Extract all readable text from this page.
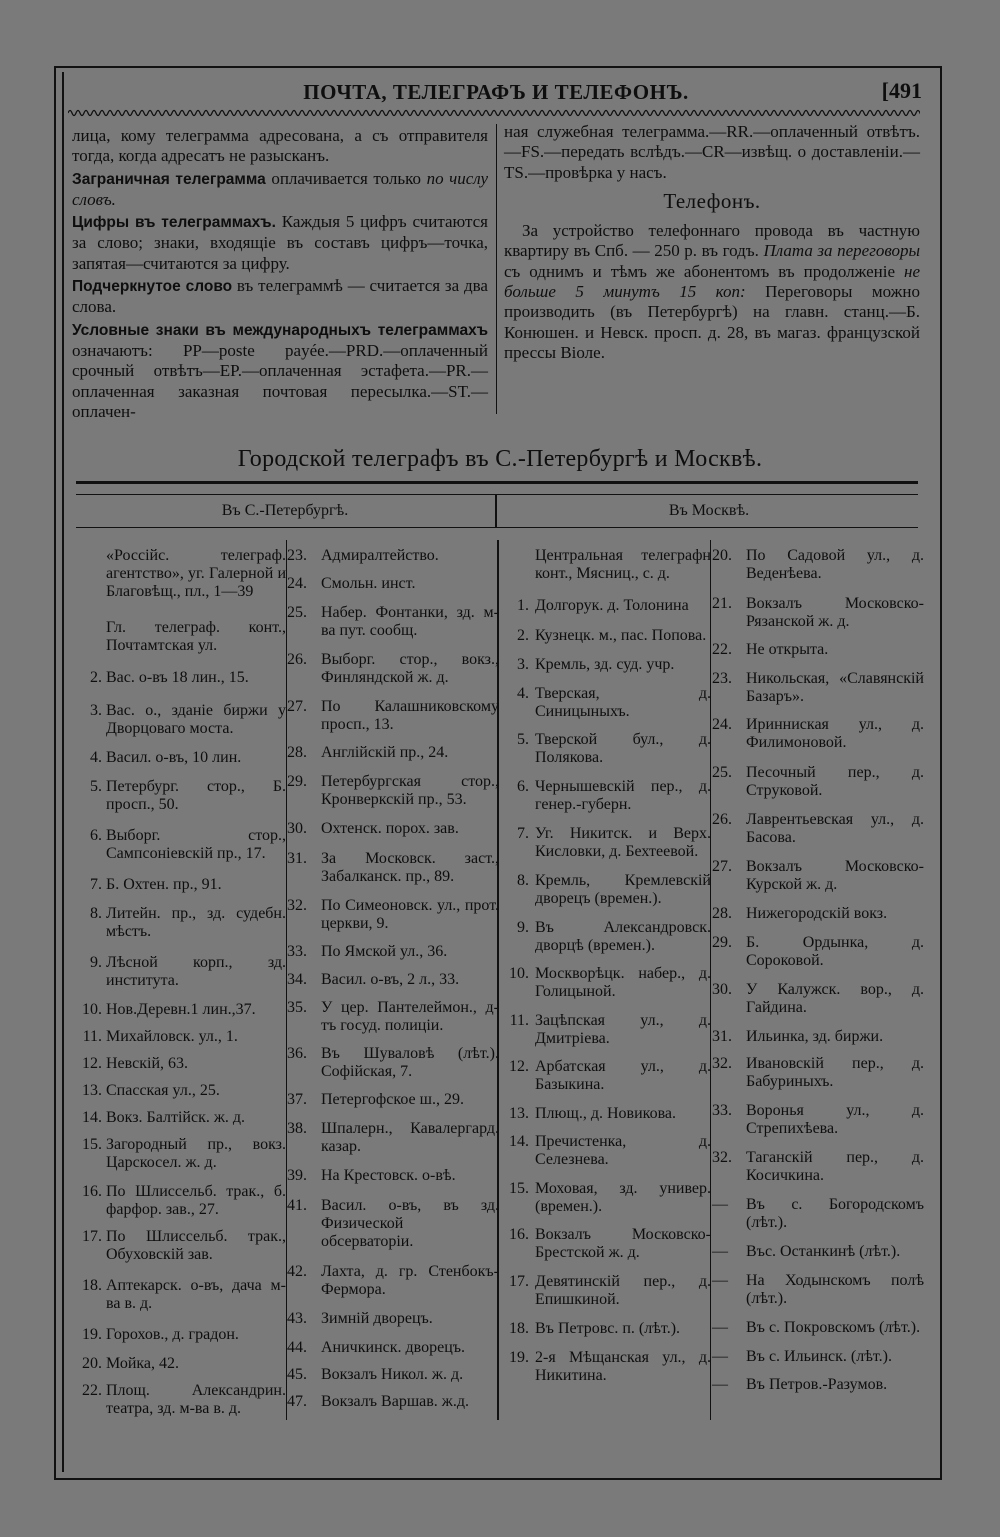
ПОЧТА, ТЕЛЕГРАФЪ И ТЕЛЕФОНЪ.	[491

лица, кому телеграмма адресована, а съ отправителя тогда, когда адресатъ не разысканъ.

Заграничная телеграмма оплачивается только по числу словъ.

Цифры въ телеграммахъ. Каждыя 5 цифръ считаются за слово; знаки, входящіе въ составъ цифръ—точка, запятая—считаются за цифру.

Подчеркнутое слово въ телеграммѣ — считается за два слова.

Условные знаки въ международныхъ телеграммахъ означаютъ: PP—poste payée.—PRD.—оплаченный срочный отвѣтъ—EP.—оплаченная эстафета.—PR.—оплаченная заказная почтовая пересылка.—ST.—оплачен-

ная служебная телеграмма.—RR.—оплаченный отвѣтъ.—FS.—передать вслѣдъ.—CR—извѣщ. о доставленіи.—TS.—провѣрка у насъ.

Телефонъ.

За устройство телефоннаго провода въ частную квартиру въ Спб. — 250 р. въ годъ. Плата за переговоры съ однимъ и тѣмъ же абонентомъ въ продолженіе не больше 5 минутъ 15 коп: Переговоры можно производить (въ Петербургѣ) на главн. станц.—Б. Конюшен. и Невск. просп. д. 28, въ магаз. французской прессы Віоле.

Городской телеграфъ въ С.-Петербургѣ и Москвѣ.
Въ С.-Петербургѣ.	Въ Москвѣ.
«Россійс. телеграф. агентство», уг. Галерной и Благовѣщ., пл., 1—39
Гл. телеграф. конт., Почтамтская ул.
2. Вас. о-въ 18 лин., 15.
3. Вас. о., зданіе биржи у Дворцоваго моста.
4. Васил. о-въ, 10 лин.
5. Петербург. стор., Б. просп., 50.
6. Выборг. стор., Сампсоніевскій пр., 17.
7. Б. Охтен. пр., 91.
8. Литейн. пр., зд. судебн. мѣстъ.
9. Лѣсной корп., зд. института.
10. Нов.Деревн.1 лин.,37.
11. Михайловск. ул., 1.
12. Невскій, 63.
13. Спасская ул., 25.
14. Вокз. Балтійск. ж. д.
15. Загородный пр., вокз. Царскосел. ж. д.
16. По Шлиссельб. трак., б. фарфор. зав., 27.
17. По Шлиссельб. трак., Обуховскій зав.
18. Аптекарск. о-въ, дача м-ва в. д.
19. Горохов., д. градон.
20. Мойка, 42.
22. Площ. Александрин. театра, зд. м-ва в. д.
23. Адмиралтейство.
24. Смольн. инст.
25. Набер. Фонтанки, зд. м-ва пут. сообщ.
26. Выборг. стор., вокз., Финляндской ж. д.
27. По Калашниковскому просп., 13.
28. Англійскій пр., 24.
29. Петербургская стор., Кронверкскій пр., 53.
30. Охтенск. порох. зав.
31. За Московск. заст., Забалканск. пр., 89.
32. По Симеоновск. ул., прот. церкви, 9.
33. По Ямской ул., 36.
34. Васил. о-въ, 2 л., 33.
35. У цер. Пантелеймон., д-тъ госуд. полиціи.
36. Въ Шуваловѣ (лѣт.). Софійская, 7.
37. Петергофское ш., 29.
38. Шпалерн., Кавалергард. казар.
39. На Крестовск. о-вѣ.
41. Васил. о-въ, въ зд. Физической обсерваторіи.
42. Лахта, д. гр. Стенбокъ-Фермора.
43. Зимній дворецъ.
44. Аничкинск. дворецъ.
45. Вокзалъ Никол. ж. д.
47. Вокзалъ Варшав. ж.д.
Центральная телеграфн конт., Мясниц., с. д.
1. Долгорук. д. Толонина
2. Кузнецк. м., пас. Попова.
3. Кремль, зд. суд. учр.
4. Тверская, д. Синицыныхъ.
5. Тверской бул., д. Полякова.
6. Чернышевскій пер., д. генер.-губерн.
7. Уг. Никитск. и Верх. Кисловки, д. Бехтеевой.
8. Кремль, Кремлевскій дворецъ (времен.).
9. Въ Александровск. дворцѣ (времен.).
10. Москворѣцк. набер., д. Голицыной.
11. Зацѣпская ул., д. Дмитріева.
12. Арбатская ул., д. Базыкина.
13. Плющ., д. Новикова.
14. Пречистенка, д. Селезнева.
15. Моховая, зд. универ. (времен.).
16. Вокзалъ Московско-Брестской ж. д.
17. Девятинскій пер., д. Епишкиной.
18. Въ Петровс. п. (лѣт.).
19. 2-я Мѣщанская ул., д. Никитина.
20. По Садовой ул., д. Веденѣева.
21. Вокзалъ Московско-Рязанской ж. д.
22. Не открыта.
23. Никольская, «Славянскій Базаръ».
24. Иринниская ул., д. Филимоновой.
25. Песочный пер., д. Струковой.
26. Лаврентьевская ул., д. Басова.
27. Вокзалъ Московско-Курской ж. д.
28. Нижегородскій вокз.
29. Б. Ордынка, д. Сороковой.
30. У Калужск. вор., д. Гайдина.
31. Ильинка, зд. биржи.
32. Ивановскій пер., д. Бабуриныхъ.
33. Воронья ул., д. Стрепихѣева.
32. Таганскій пер., д. Косичкина.
—	Въ с. Богородскомъ (лѣт.).
—	Въс. Останкинѣ (лѣт.).
—	На Ходынскомъ полѣ (лѣт.).
—	Въ с. Покровскомъ (лѣт.).
—	Въ с. Ильинск. (лѣт.).
—	Въ Петров.-Разумов.
